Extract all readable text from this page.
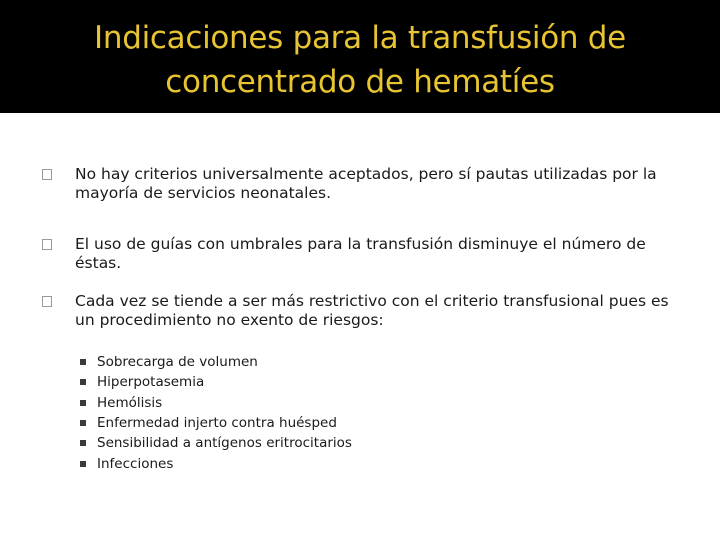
Indicaciones para la transfusión de
concentrado de hematíes
No hay criterios universalmente aceptados, pero sí pautas utilizadas por la mayoría de servicios neonatales.
El uso de guías con umbrales para la transfusión disminuye el número de éstas.
Cada vez se tiende a ser más restrictivo con el criterio transfusional pues es un procedimiento no exento de riesgos:
Sobrecarga de volumen
Hiperpotasemia
Hemólisis
Enfermedad injerto contra huésped
Sensibilidad a antígenos eritrocitarios
Infecciones
